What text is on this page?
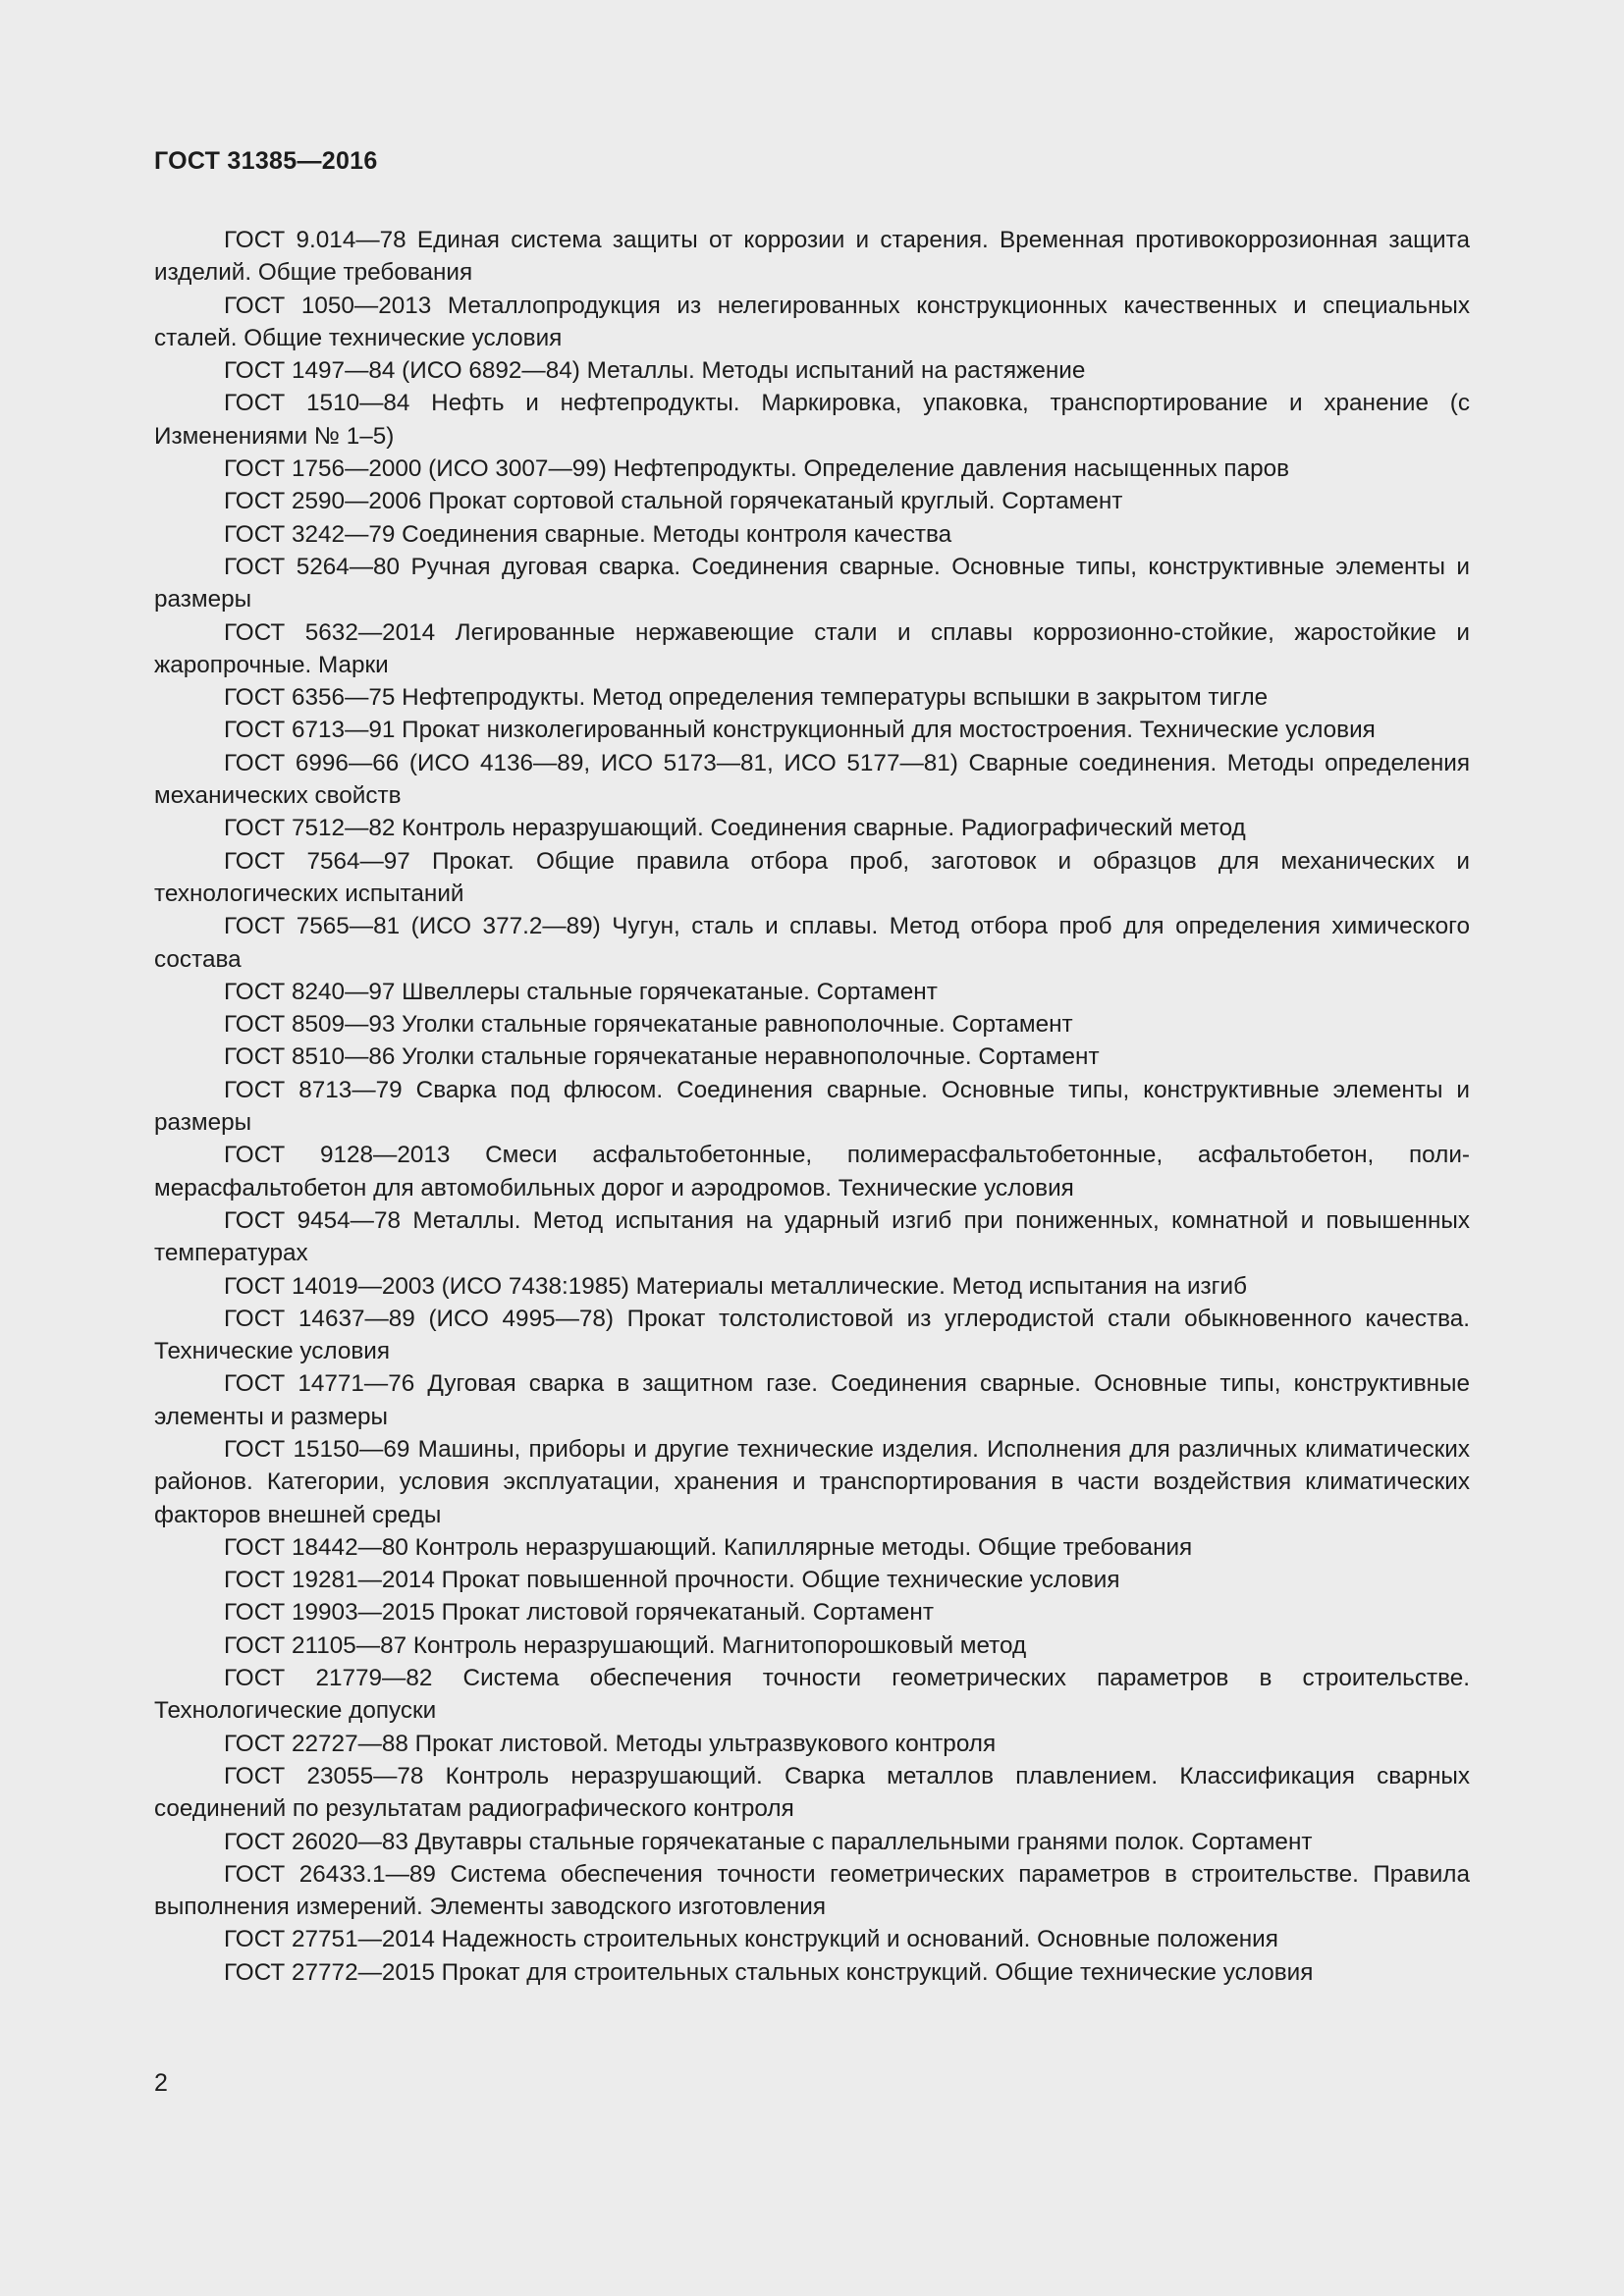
ГОСТ 31385—2016

ГОСТ 9.014—78 Единая система защиты от коррозии и старения. Временная противокоррозионная защита изделий. Общие требования

ГОСТ 1050—2013 Металлопродукция из нелегированных конструкционных качественных и специальных сталей. Общие технические условия

ГОСТ 1497—84 (ИСО 6892—84) Металлы. Методы испытаний на растяжение

ГОСТ 1510—84 Нефть и нефтепродукты. Маркировка, упаковка, транспортирование и хранение (с Изменениями № 1–5)

ГОСТ 1756—2000 (ИСО 3007—99) Нефтепродукты. Определение давления насыщенных паров

ГОСТ 2590—2006 Прокат сортовой стальной горячекатаный круглый. Сортамент

ГОСТ 3242—79 Соединения сварные. Методы контроля качества

ГОСТ 5264—80 Ручная дуговая сварка. Соединения сварные. Основные типы, конструктивные элементы и размеры

ГОСТ 5632—2014 Легированные нержавеющие стали и сплавы коррозионно-стойкие, жаростойкие и жаропрочные. Марки

ГОСТ 6356—75 Нефтепродукты. Метод определения температуры вспышки в закрытом тигле

ГОСТ 6713—91 Прокат низколегированный конструкционный для мостостроения. Технические условия

ГОСТ 6996—66 (ИСО 4136—89, ИСО 5173—81, ИСО 5177—81) Сварные соединения. Методы определения механических свойств

ГОСТ 7512—82 Контроль неразрушающий. Соединения сварные. Радиографический метод

ГОСТ 7564—97 Прокат. Общие правила отбора проб, заготовок и образцов для механических и технологических испытаний

ГОСТ 7565—81 (ИСО 377.2—89) Чугун, сталь и сплавы. Метод отбора проб для определения химического состава

ГОСТ 8240—97 Швеллеры стальные горячекатаные. Сортамент

ГОСТ 8509—93 Уголки стальные горячекатаные равнополочные. Сортамент

ГОСТ 8510—86 Уголки стальные горячекатаные неравнополочные. Сортамент

ГОСТ 8713—79 Сварка под флюсом. Соединения сварные. Основные типы, конструктивные элементы и размеры

ГОСТ 9128—2013 Смеси асфальтобетонные, полимерасфальтобетонные, асфальтобетон, полимерасфальтобетон для автомобильных дорог и аэродромов. Технические условия

ГОСТ 9454—78 Металлы. Метод испытания на ударный изгиб при пониженных, комнатной и повышенных температурах

ГОСТ 14019—2003 (ИСО 7438:1985) Материалы металлические. Метод испытания на изгиб

ГОСТ 14637—89 (ИСО 4995—78) Прокат толстолистовой из углеродистой стали обыкновенного качества. Технические условия

ГОСТ 14771—76 Дуговая сварка в защитном газе. Соединения сварные. Основные типы, конструктивные элементы и размеры

ГОСТ 15150—69 Машины, приборы и другие технические изделия. Исполнения для различных климатических районов. Категории, условия эксплуатации, хранения и транспортирования в части воздействия климатических факторов внешней среды

ГОСТ 18442—80 Контроль неразрушающий. Капиллярные методы. Общие требования

ГОСТ 19281—2014 Прокат повышенной прочности. Общие технические условия

ГОСТ 19903—2015 Прокат листовой горячекатаный. Сортамент

ГОСТ 21105—87 Контроль неразрушающий. Магнитопорошковый метод

ГОСТ 21779—82 Система обеспечения точности геометрических параметров в строительстве. Технологические допуски

ГОСТ 22727—88 Прокат листовой. Методы ультразвукового контроля

ГОСТ 23055—78 Контроль неразрушающий. Сварка металлов плавлением. Классификация сварных соединений по результатам радиографического контроля

ГОСТ 26020—83 Двутавры стальные горячекатаные с параллельными гранями полок. Сортамент

ГОСТ 26433.1—89 Система обеспечения точности геометрических параметров в строительстве. Правила выполнения измерений. Элементы заводского изготовления

ГОСТ 27751—2014 Надежность строительных конструкций и оснований. Основные положения

ГОСТ 27772—2015 Прокат для строительных стальных конструкций. Общие технические условия

2
